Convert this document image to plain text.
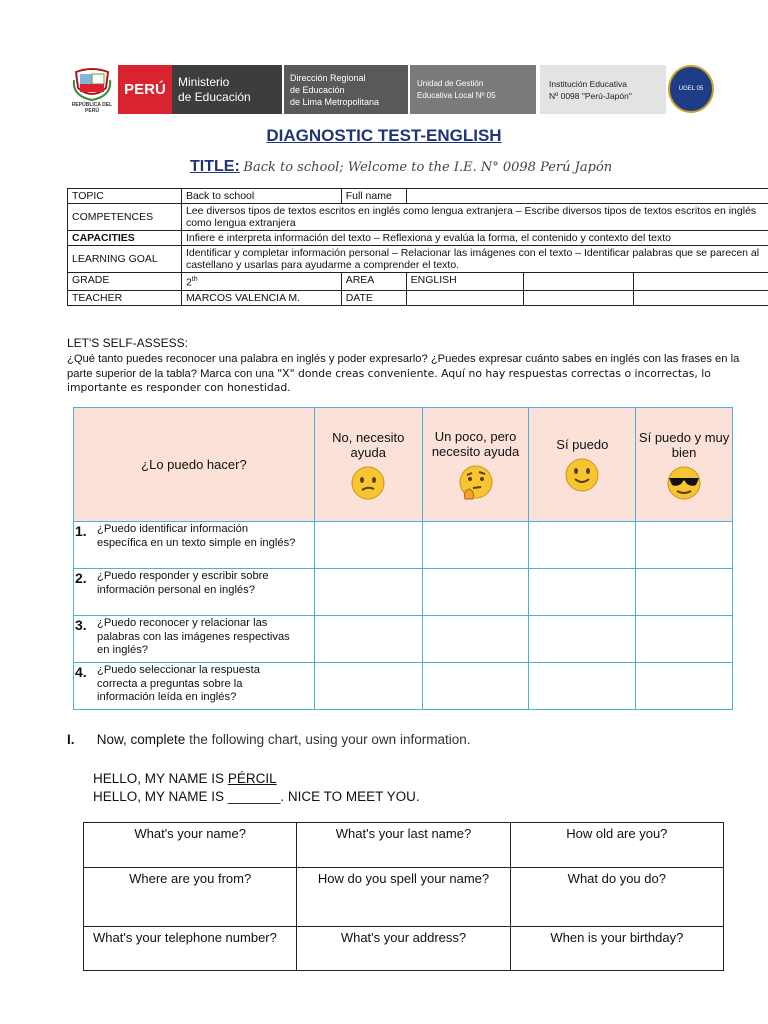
REPÚBLICA DEL PERÚ
PERÚ	Ministerio
de Educación
Dirección Regional
de Educación
de Lima Metropolitana
Unidad de Gestión
Educativa Local Nº 05
Institución Educativa
Nº 0098 "Perú-Japón"
UGEL 05
DIAGNOSTIC TEST-ENGLISH
TITLE: Back to school; Welcome to the I.E. N° 0098 Perú Japón
TOPIC	Back to school	Full name			
COMPETENCES	Lee diversos tipos de textos escritos en inglés como lengua extranjera – Escribe diversos tipos de textos escritos en inglés como lengua extranjera				
CAPACITIES	Infiere e interpreta información del texto – Reflexiona y evalúa la forma, el contenido y contexto del texto				
LEARNING GOAL	Identificar y completar información personal – Relacionar las imágenes con el texto – Identificar palabras que se parecen al castellano y usarlas para ayudarme a comprender el texto.				
GRADE	2th	AREA	ENGLISH		
TEACHER	MARCOS VALENCIA M.	DATE			
LET'S SELF-ASSESS:
¿Qué tanto puedes reconocer una palabra en inglés y poder expresarlo? ¿Puedes expresar cuánto sabes en inglés con las frases en la parte superior de la tabla? Marca con una "X" donde creas conveniente. Aquí no hay respuestas correctas o incorrectas, lo importante es responder con honestidad.
¿Lo puedo hacer?	No, necesito ayuda	Un poco, pero necesito ayuda	Sí puedo	Sí puedo y muy bien

1. ¿Puedo identificar información específica en un texto simple en inglés?				
2. ¿Puedo responder y escribir sobre información personal en inglés?				
3. ¿Puedo reconocer y relacionar las palabras con las imágenes respectivas en inglés?				
4. ¿Puedo seleccionar la respuesta correcta a preguntas sobre la información leída en inglés?				
I. Now, complete the following chart, using your own information.
HELLO, MY NAME IS PÉRCIL
HELLO, MY NAME IS _______. NICE TO MEET YOU.
What's your name?	What's your last name?	How old are you?
Where are you from?	How do you spell your name?	What do you do?
What's your telephone number?	What's your address?	When is your birthday?
